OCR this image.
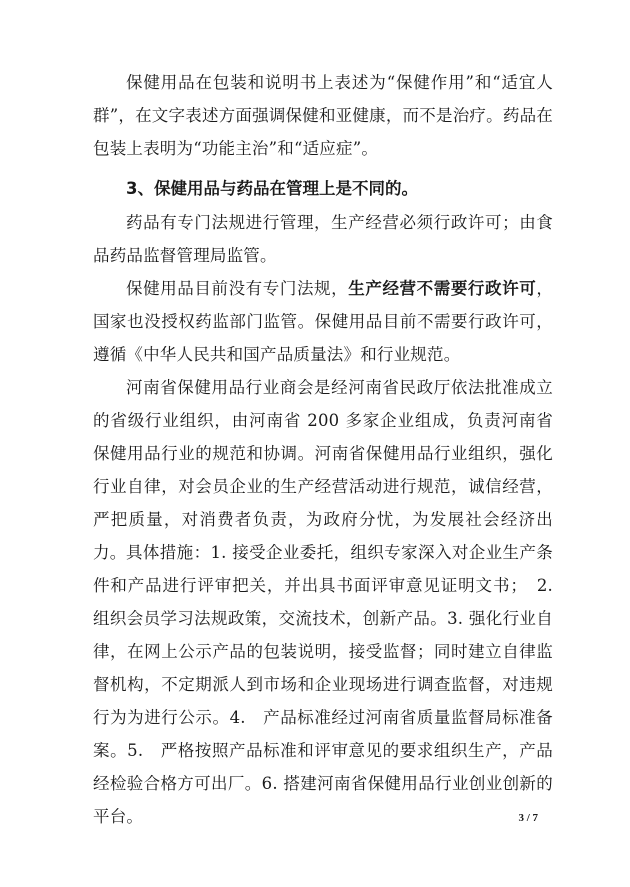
保健用品在包装和说明书上表述为“保健作用”和“适宜人群”，在文字表述方面强调保健和亚健康，而不是治疗。药品在包装上表明为“功能主治”和“适应症”。

3、保健用品与药品在管理上是不同的。

药品有专门法规进行管理，生产经营必须行政许可；由食品药品监督管理局监管。

保健用品目前没有专门法规，生产经营不需要行政许可，国家也没授权药监部门监管。保健用品目前不需要行政许可，遵循《中华人民共和国产品质量法》和行业规范。

河南省保健用品行业商会是经河南省民政厅依法批准成立的省级行业组织，由河南省 200 多家企业组成，负责河南省保健用品行业的规范和协调。河南省保健用品行业组织，强化行业自律，对会员企业的生产经营活动进行规范，诚信经营，严把质量，对消费者负责，为政府分忧，为发展社会经济出力。 具体措施：1. 接受企业委托，组织专家深入对企业生产条件和产品进行评审把关，并出具书面评审意见证明文书；　2. 组织会员学习法规政策，交流技术，创新产品。3. 强化行业自律，在网上公示产品的包装说明，接受监督；同时建立自律监督机构，不定期派人到市场和企业现场进行调查监督，对违规行为为进行公示。4.　产品标准经过河南省质量监督局标准备案。5.　严格按照产品标准和评审意见的要求组织生产，产品经检验合格方可出厂。6. 搭建河南省保健用品行业创业创新的平台。	3 / 7
